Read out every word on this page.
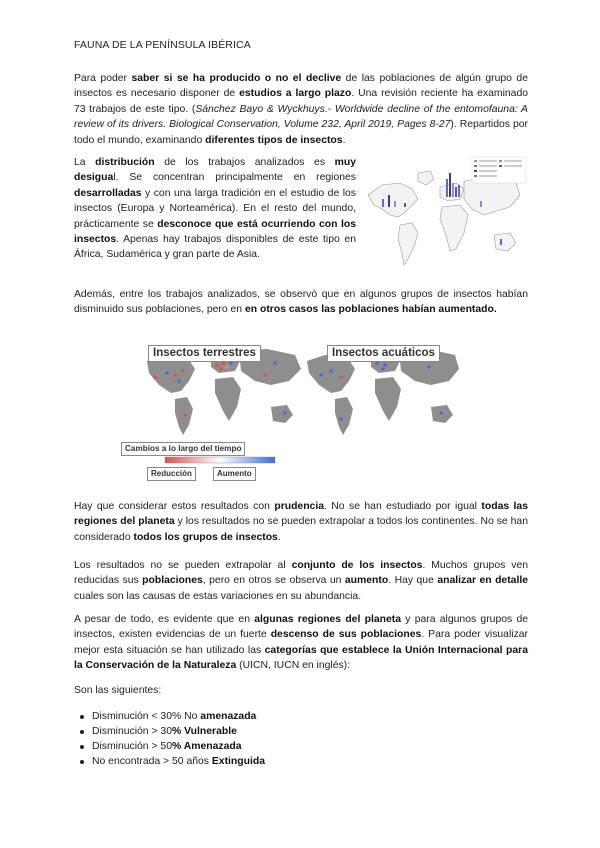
FAUNA DE LA PENÍNSULA IBÉRICA

Para poder saber si se ha producido o no el declive de las poblaciones de algún grupo de insectos es necesario disponer de estudios a largo plazo. Una revisión reciente ha examinado 73 trabajos de este tipo. (Sánchez Bayo & Wyckhuys.- Worldwide decline of the entomofauna: A review of its drivers. Biological Conservation, Volume 232, April 2019, Pages 8-27). Repartidos por todo el mundo, examinando diferentes tipos de insectos.

La distribución de los trabajos analizados es muy desigual. Se concentran principalmente en regiones desarrolladas y con una larga tradición en el estudio de los insectos (Europa y Norteamérica). En el resto del mundo, prácticamente se desconoce que está ocurriendo con los insectos. Apenas hay trabajos disponibles de este tipo en África, Sudamérica y gran parte de Asia.

Además, entre los trabajos analizados, se observó que en algunos grupos de insectos habían disminuido sus poblaciones, pero en en otros casos las poblaciones habían aumentado.

Insectos terrestres	Insectos acuáticos
Cambios a lo largo del tiempo
Reducción	Aumento

Hay que considerar estos resultados con prudencia. No se han estudiado por igual todas las regiones del planeta y los resultados no se pueden extrapolar a todos los continentes. No se han considerado todos los grupos de insectos.

Los resultados no se pueden extrapolar al conjunto de los insectos. Muchos grupos ven reducidas sus poblaciones, pero en otros se observa un aumento. Hay que analizar en detalle cuales son las causas de estas variaciones en su abundancia.

A pesar de todo, es evidente que en algunas regiones del planeta y para algunos grupos de insectos, existen evidencias de un fuerte descenso de sus poblaciones. Para poder visualizar mejor esta situación se han utilizado las categorías que establece la Unión Internacional para la Conservación de la Naturaleza (UICN, IUCN en inglés):

Son las siguientes:

Disminución < 30% No amenazada
Disminución > 30% Vulnerable
Disminución > 50% Amenazada
No encontrada > 50 años Extinguida
